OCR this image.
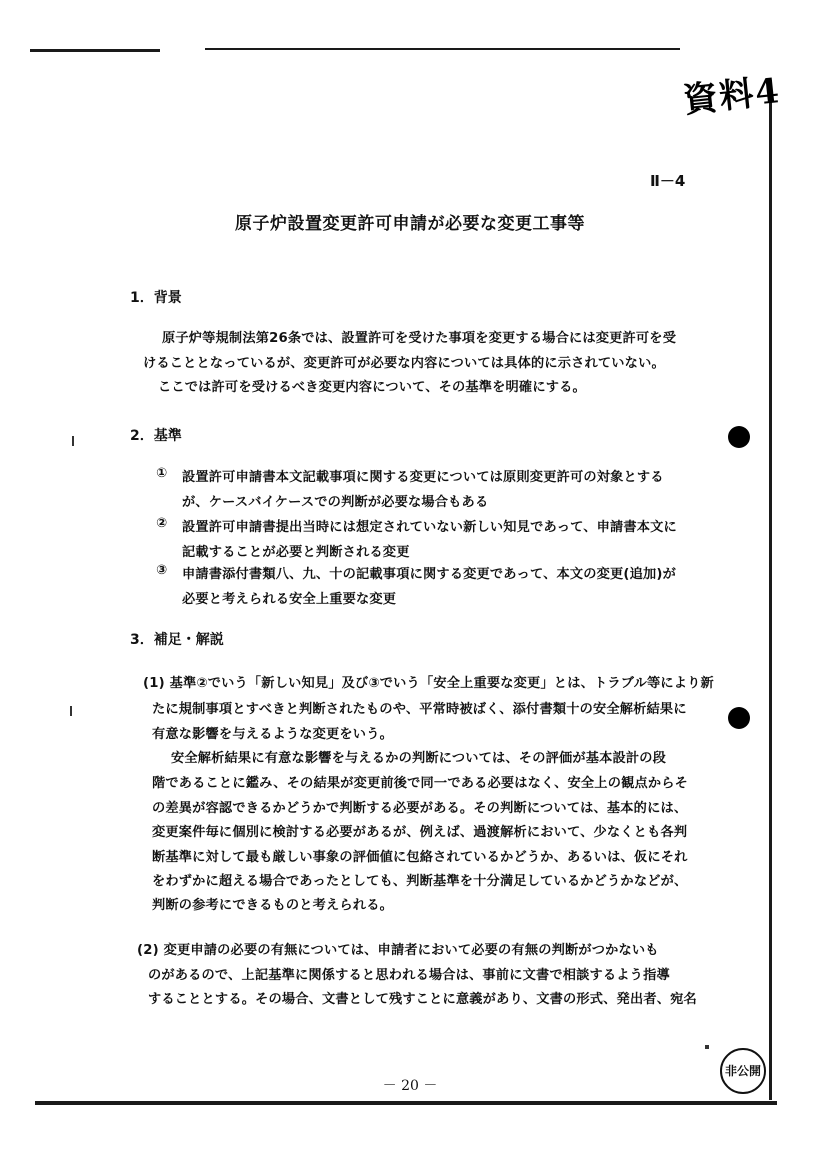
資料4
Ⅱ－4
原子炉設置変更許可申請が必要な変更工事等
1．背景
原子炉等規制法第26条では、設置許可を受けた事項を変更する場合には変更許可を受
けることとなっているが、変更許可が必要な内容については具体的に示されていない。
ここでは許可を受けるべき変更内容について、その基準を明確にする。
2．基準
① 設置許可申請書本文記載事項に関する変更については原則変更許可の対象とする
が、ケースバイケースでの判断が必要な場合もある
② 設置許可申請書提出当時には想定されていない新しい知見であって、申請書本文に
記載することが必要と判断される変更
③ 申請書添付書類八、九、十の記載事項に関する変更であって、本文の変更(追加)が
必要と考えられる安全上重要な変更
3．補足・解説
(1) 基準②でいう「新しい知見」及び③でいう「安全上重要な変更」とは、トラブル等により新
たに規制事項とすべきと判断されたものや、平常時被ばく、添付書類十の安全解析結果に
有意な影響を与えるような変更をいう。
安全解析結果に有意な影響を与えるかの判断については、その評価が基本設計の段
階であることに鑑み、その結果が変更前後で同一である必要はなく、安全上の観点からそ
の差異が容認できるかどうかで判断する必要がある。その判断については、基本的には、
変更案件毎に個別に検討する必要があるが、例えば、過渡解析において、少なくとも各判
断基準に対して最も厳しい事象の評価値に包絡されているかどうか、あるいは、仮にそれ
をわずかに超える場合であったとしても、判断基準を十分満足しているかどうかなどが、
判断の参考にできるものと考えられる。
(2) 変更申請の必要の有無については、申請者において必要の有無の判断がつかないも
のがあるので、上記基準に関係すると思われる場合は、事前に文書で相談するよう指導
することとする。その場合、文書として残すことに意義があり、文書の形式、発出者、宛名
－ 20 －
非公開
